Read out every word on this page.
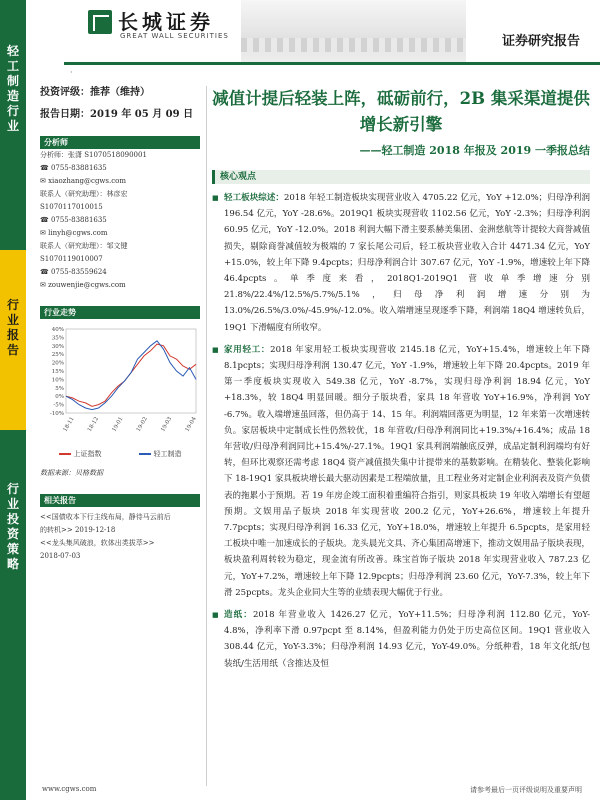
轻
工
制
造
行
业
行
业
报
告
行
业
投
资
策
略
长城证券
GREAT WALL SECURITIES	证券研究报告
·
投资评级：推荐（维持）
报告日期：2019 年 05 月 09 日
分析师
分析师：张潇 S1070518090001
☎ 0755-83881635
✉ xiaozhang@cgws.com
联系人（研究助理）：林彦宏
S1070117010015
☎ 0755-83881635
✉ linyh@cgws.com
联系人（研究助理）：邹文键
S1070119010007
☎ 0755-83559624
✉ zouwenjie@cgws.com
行业走势
40%
35%
30%
25%
20%
15%
10%
5%
0%
-5%
-10%
18-11 18-12 19-01 19-02 19-03 19-04
上证指数	轻工制造
数据来源：贝格数据
相关报告
<<国债收本下行主线布局，静待马云前后
的转机>> 2019-12-18
<<龙头集风破浪，软体出类拔萃>>
2018-07-03
减值计提后轻装上阵，砥砺前行，2B 集采渠道提供增长新引擎
——轻工制造 2018 年报及 2019 一季报总结
核心观点
■ 轻工板块综述：2018 年轻工制造板块实现营业收入 4705.22 亿元，YoY +12.0%；归母净利润 196.54 亿元，YoY -28.6%。2019Q1 板块实现营收 1102.56 亿元，YoY -2.3%；归母净利润 60.95 亿元，YoY -12.0%。2018 利润大幅下滑主要系赫美集团、金洲慈航等计提较大商誉减值损失，剔除商誉减值较为极端的 7 家长尾公司后，轻工板块营业收入合计 4471.34 亿元，YoY +15.0%，较上年下降 9.4pcpts；归母净利润合计 307.67 亿元，YoY -1.9%，增速较上年下降 46.4pcpts。单季度来看，2018Q1-2019Q1 营收单季增速分别 21.8%/22.4%/12.5%/5.7%/5.1%，归母净利润增速分别为 13.0%/26.5%/3.0%/-45.9%/-12.0%。收入端增速呈现逐季下降，利润端 18Q4 增速转负后，19Q1 下滑幅度有所收窄。
■ 家用轻工：2018 年家用轻工板块实现营收 2145.18 亿元，YoY+15.4%，增速较上年下降 8.1pcpts；实现归母净利润 130.47 亿元，YoY -1.9%，增速较上年下降 20.4pcpts。2019 年第一季度板块实现收入 549.38 亿元，YoY -8.7%，实现归母净利润 18.94 亿元，YoY +18.3%，较 18Q4 明显回暖。细分子版块看，家具 18 年营收 YoY+16.9%，净利润 YoY -6.7%。收入端增速虽回落，但仍高于 14、15 年。利润端回落更为明显，12 年来第一次增速转负。家居板块中定制成长性仍然较优，18 年营收/归母净利润同比+19.3%/+16.4%；成品 18 年营收/归母净利润同比+15.4%/-27.1%。19Q1 家具利润端触底反弹，成品定制利润端均有好转，但环比观察还需考虑 18Q4 资产减值损失集中计提带来的基数影响。在精装化、整装化影响下 18-19Q1 家具板块增长最大驱动因素是工程端放量，且工程业务对定制企业利润表及资产负债表的拖累小于预期。若 19 年房企竣工面积着重编符合指引，则家具板块 19 年收入端增长有望超预期。文娱用品子版块 2018 年实现营收 200.2 亿元，YoY+26.6%，增速较上年提升 7.7pcpts；实现归母净利润 16.33 亿元，YoY+18.0%，增速较上年提升 6.5pcpts，是家用轻工板块中唯一加速成长的子版块。龙头晨光文具、齐心集团高增速下，推动文娱用品子版块表现，板块盈利周转较为稳定，现金流有所改善。珠宝首饰子版块 2018 年实现营业收入 787.23 亿元，YoY+7.2%，增速较上年下降 12.9pcpts；归母净利润 23.60 亿元，YoY-7.3%，较上年下滑 25pcpts。龙头企业同大生等的业绩表现大幅优于行业。
■ 造纸：2018 年营业收入 1426.27 亿元，YoY+11.5%；归母净利润 112.80 亿元，YoY-4.8%，净利率下滑 0.97pcpt 至 8.14%，但盈利能力仍处于历史高位区间。19Q1 营业收入 308.44 亿元，YoY-3.3%；归母净利润 14.93 亿元，YoY-49.0%。分纸种看，18 年文化纸/包装纸/生活用纸（含推达及恒
www.cgws.com	请参考最后一页评级说明及重要声明
